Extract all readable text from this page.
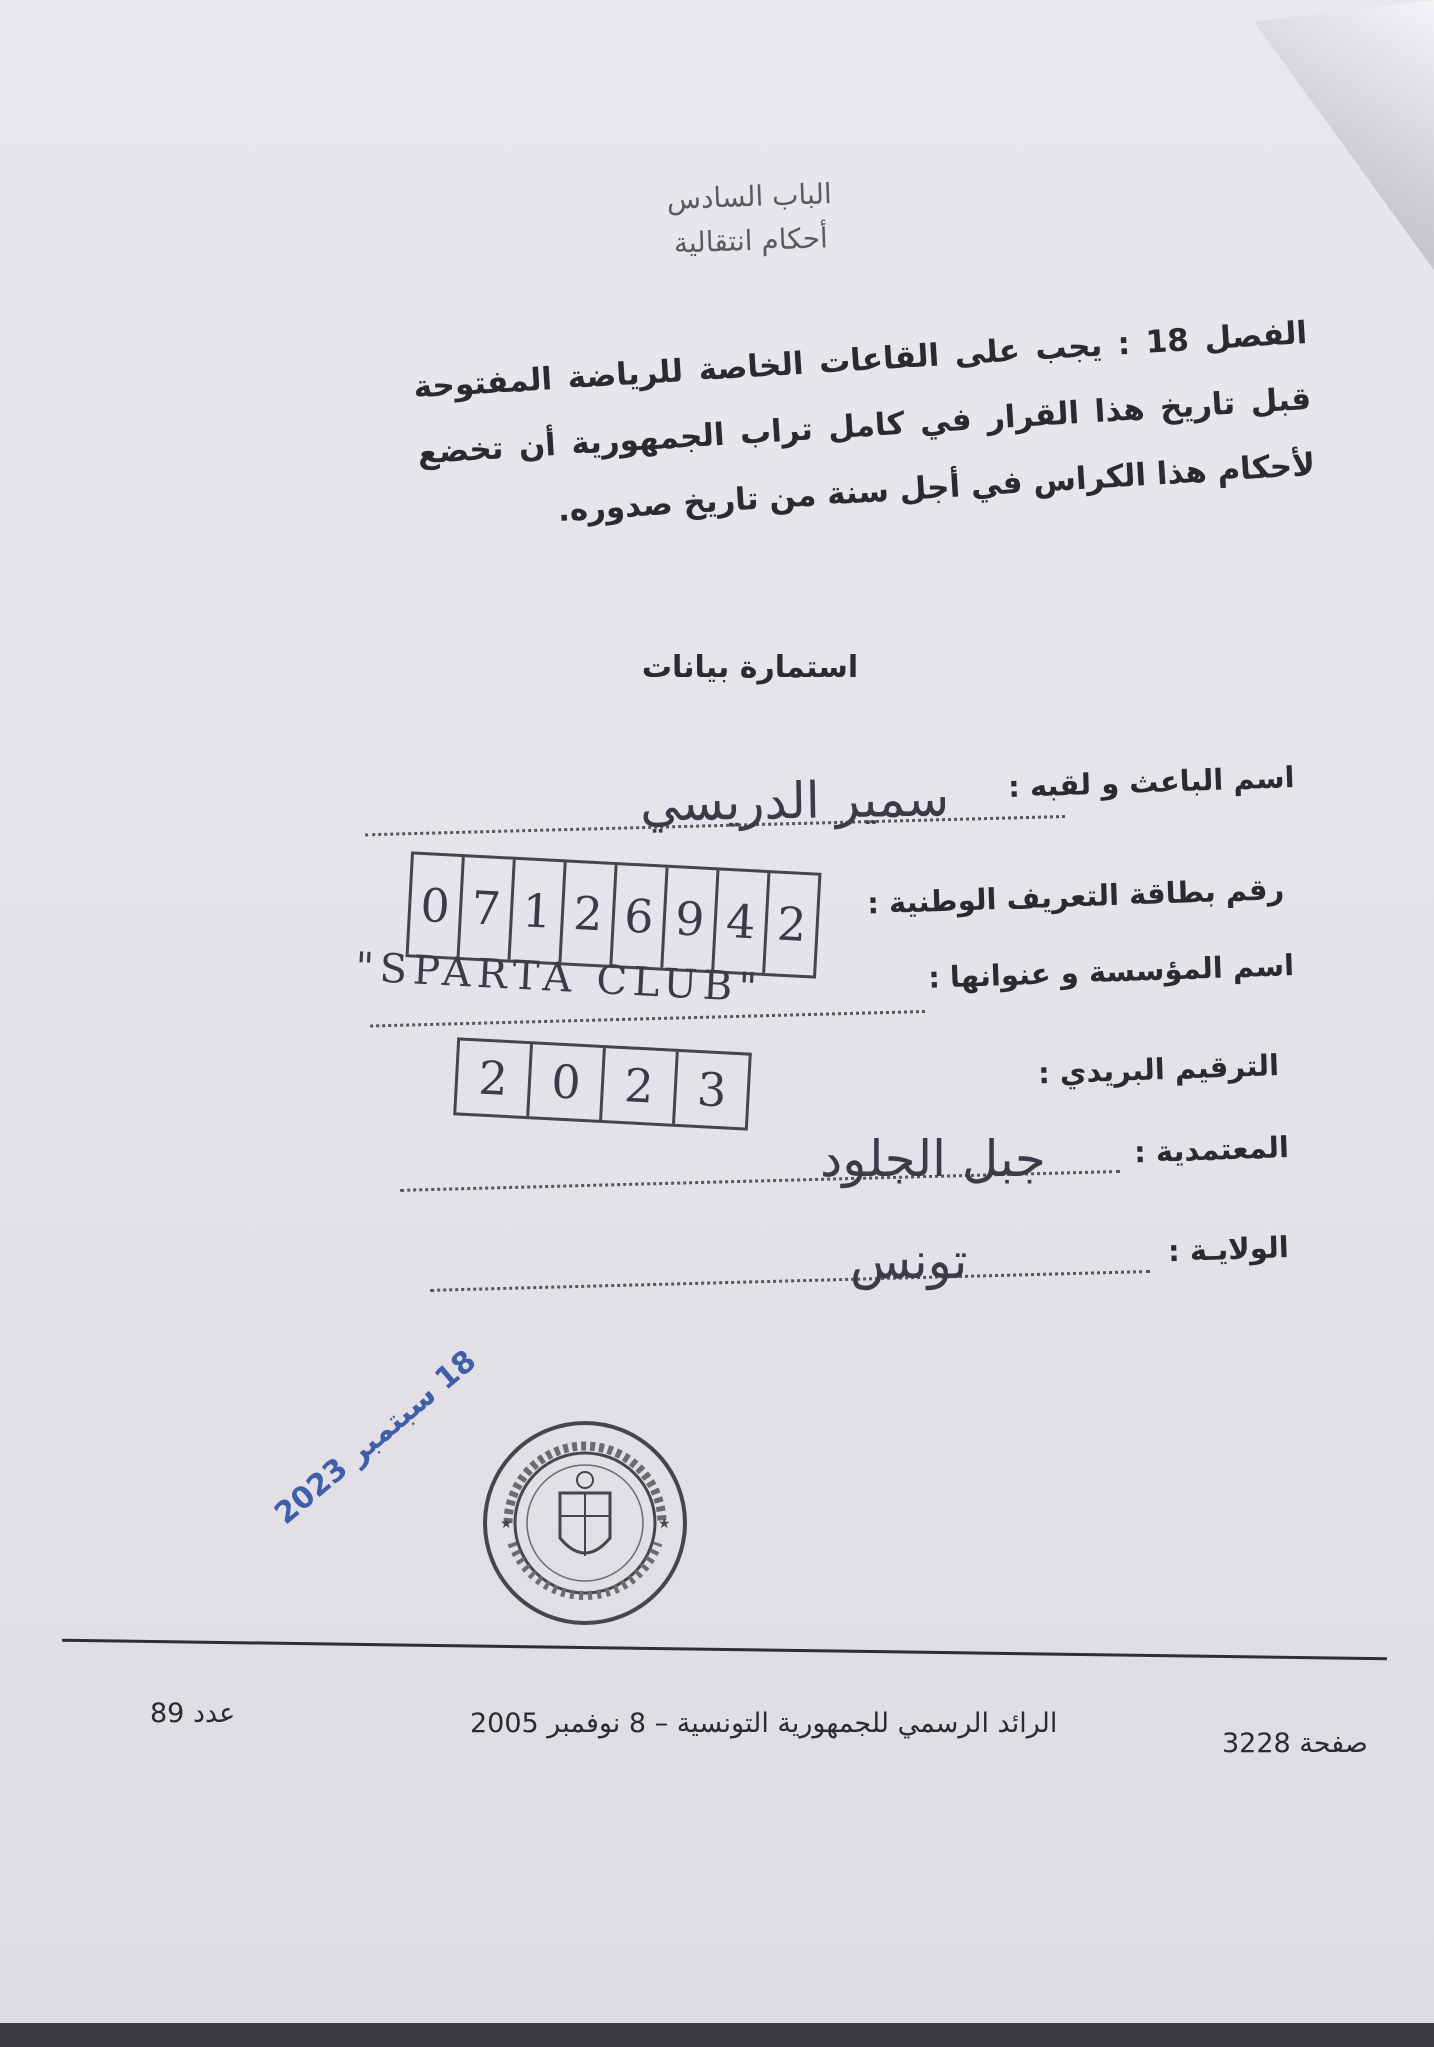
الباب السادس
أحكام انتقالية
الفصل 18 : يجب على القاعات الخاصة للرياضة المفتوحة قبل تاريخ هذا القرار في كامل تراب الجمهورية أن تخضع لأحكام هذا الكراس في أجل سنة من تاريخ صدوره.
استمارة بيانات
اسم الباعث و لقبه :
سمير الدريسي
رقم بطاقة التعريف الوطنية :
0 7 1 2 6 9 4 2
اسم المؤسسة و عنوانها :
"SPARTA CLUB"
الترقيم البريدي :
2 0 2 3
المعتمدية :
جبل الجلود
الولايـة :
تونس
18 سبتمبر 2023
★	★
عدد 89	الرائد الرسمي للجمهورية التونسية – 8 نوفمبر 2005
صفحة 3228
